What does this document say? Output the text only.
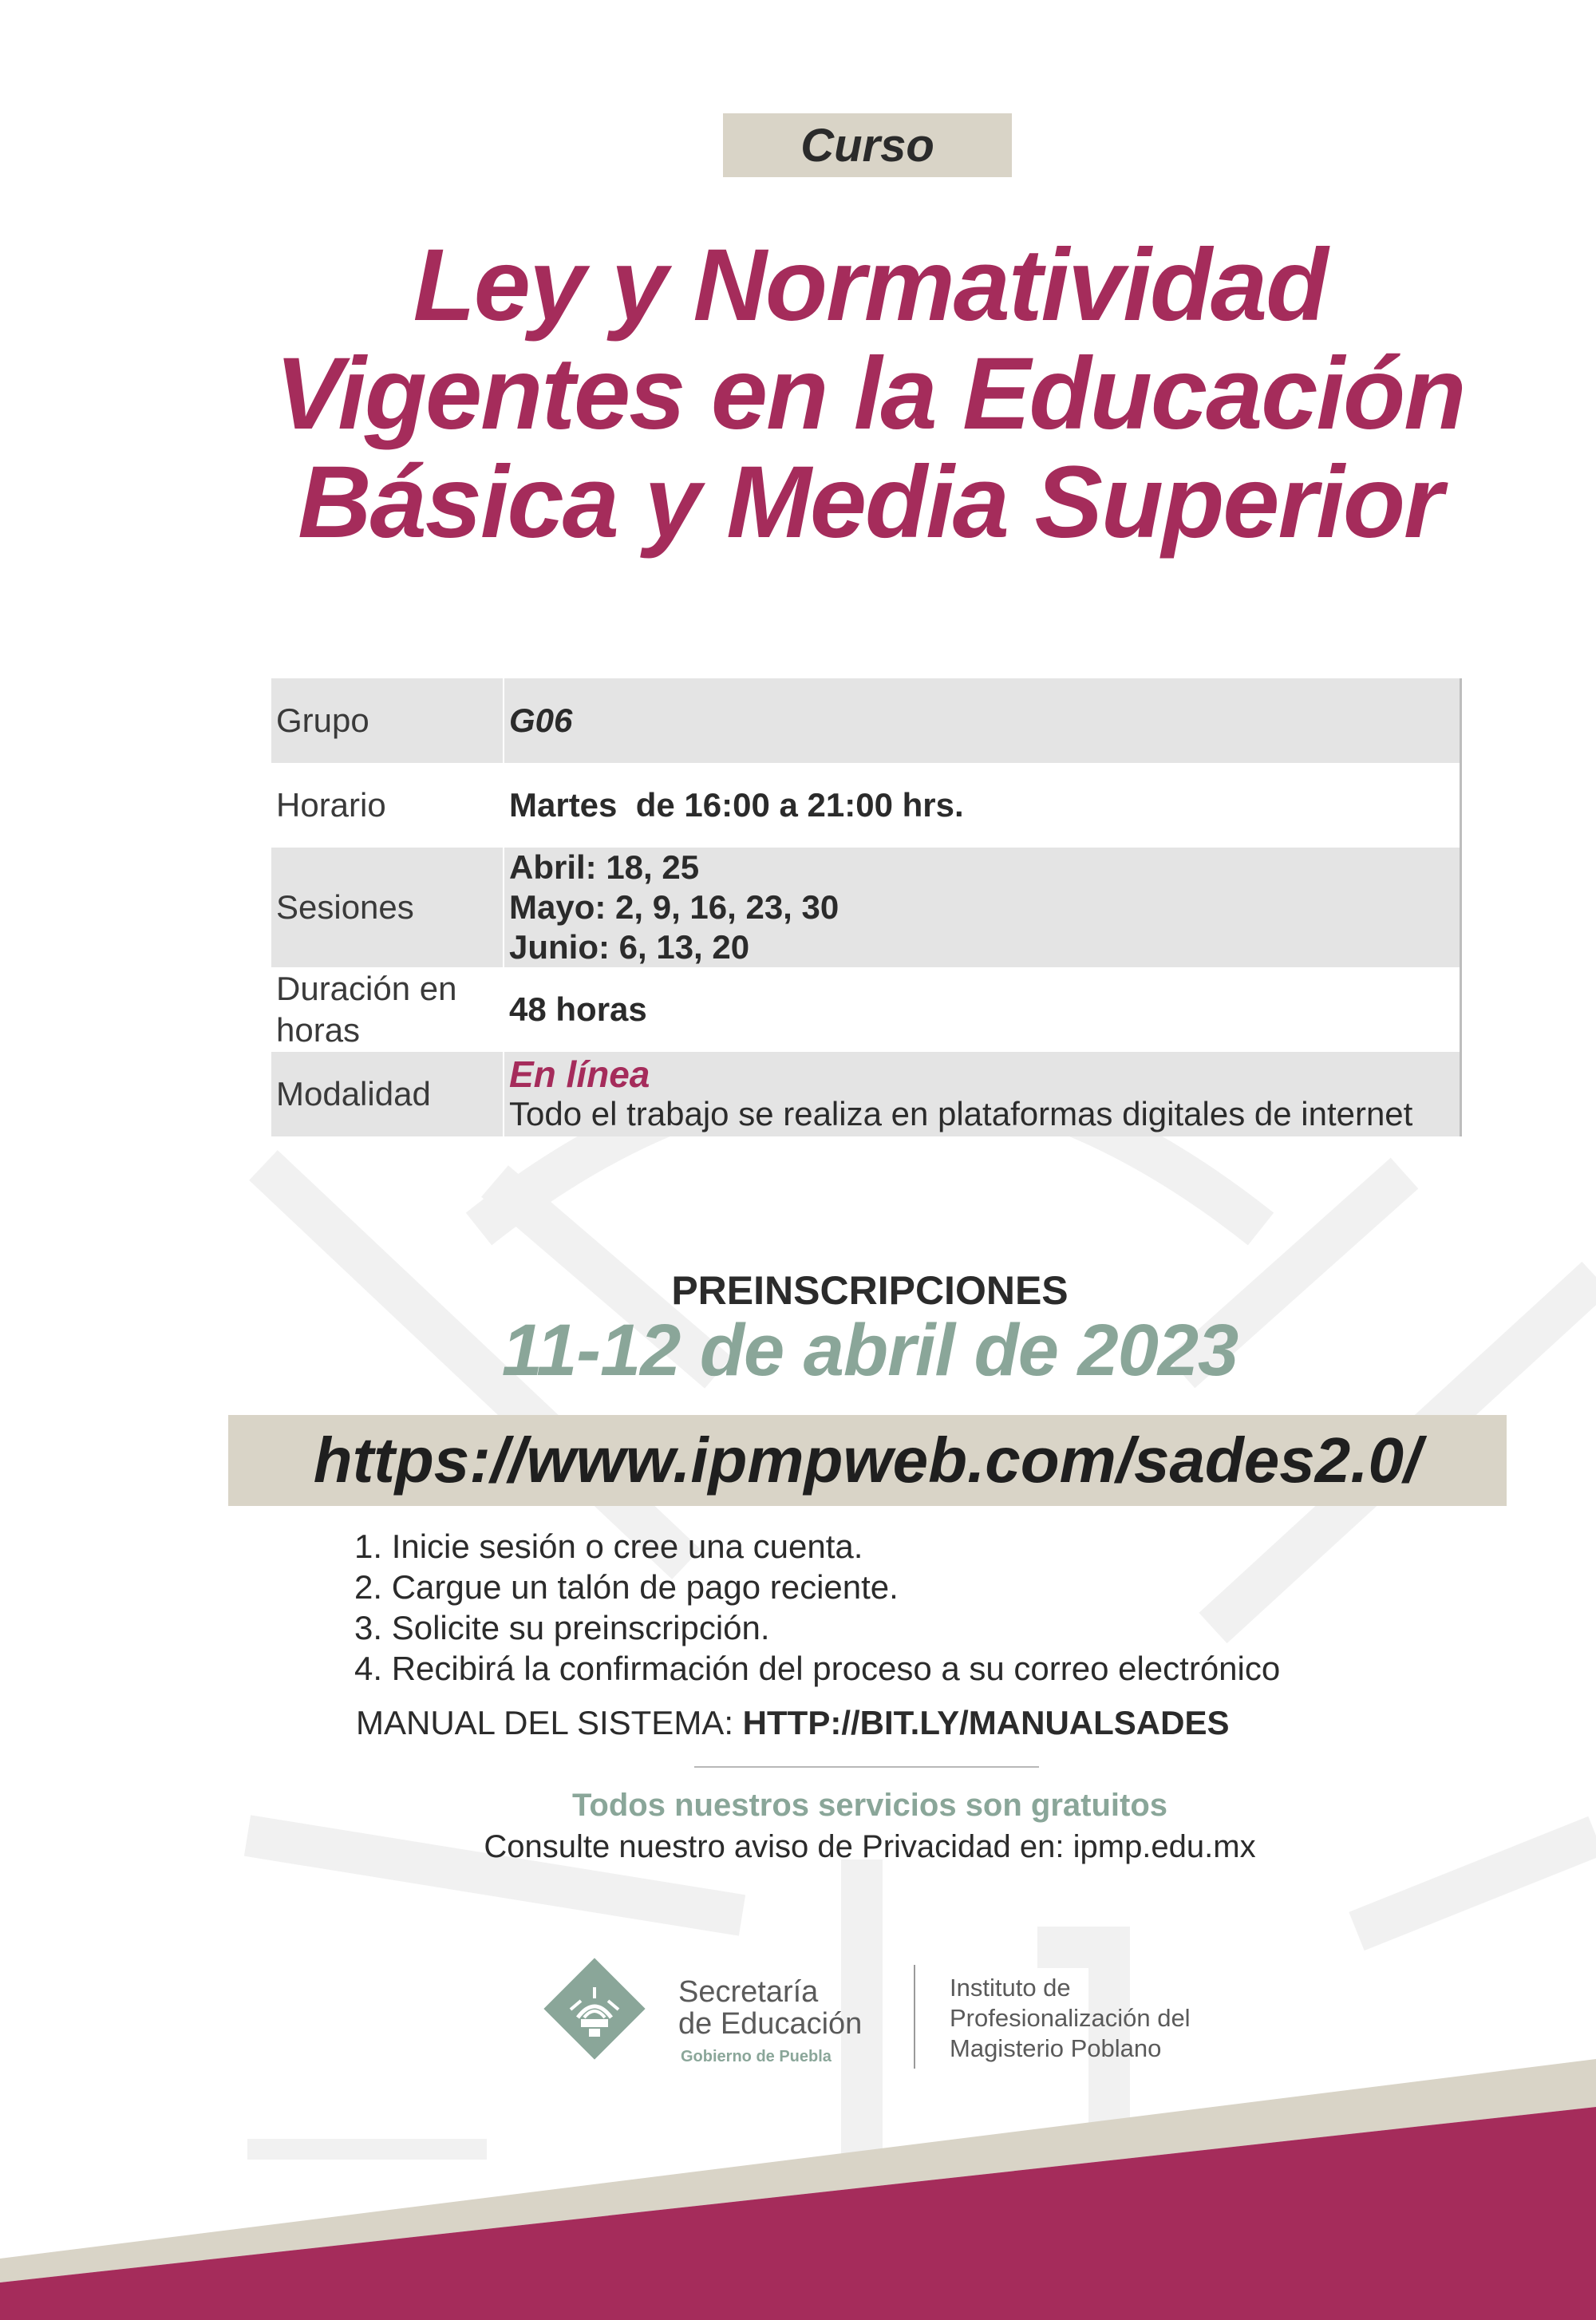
Curso
Ley y Normatividad
Vigentes en la Educación
Básica y Media Superior
Grupo	G06
Horario	Martes  de 16:00 a 21:00 hrs.
Sesiones	Abril: 18, 25
Mayo: 2, 9, 16, 23, 30
Junio: 6, 13, 20

Duración en horas	48 horas
Modalidad	En línea
Todo el trabajo se realiza en plataformas digitales de internet
PREINSCRIPCIONES
11-12 de abril de 2023
https://www.ipmpweb.com/sades2.0/
1. Inicie sesión o cree una cuenta.
2. Cargue un talón de pago reciente.
3. Solicite su preinscripción.
4. Recibirá la confirmación del proceso a su correo electrónico
MANUAL DEL SISTEMA: HTTP://BIT.LY/MANUALSADES
Todos nuestros servicios son gratuitos
Consulte nuestro aviso de Privacidad en: ipmp.edu.mx
Secretaría
de Educación
Gobierno de Puebla
Instituto de
Profesionalización del
Magisterio Poblano
